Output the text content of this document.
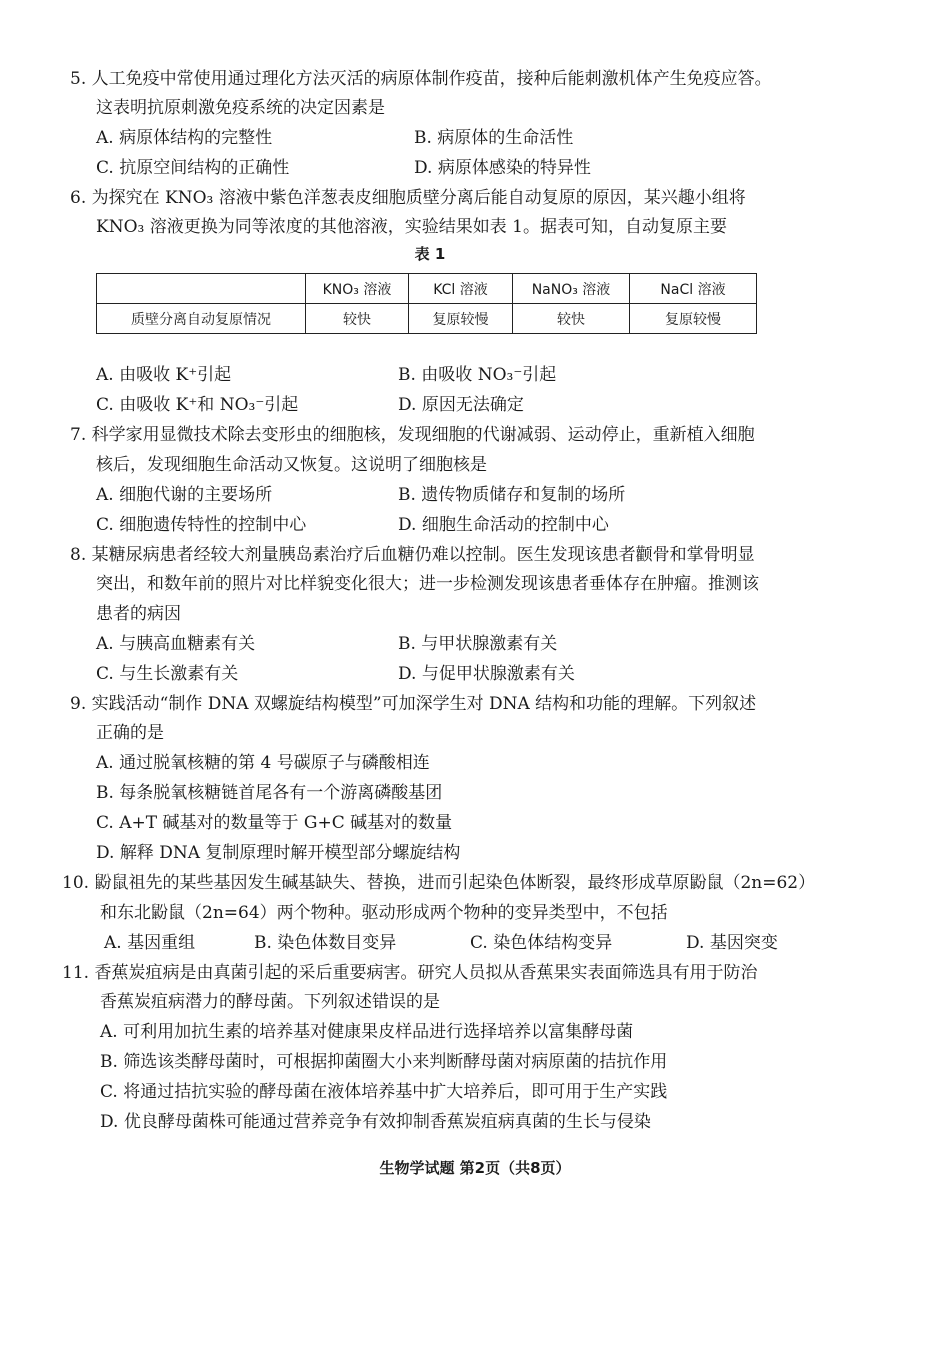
5. 人工免疫中常使用通过理化方法灭活的病原体制作疫苗，接种后能刺激机体产生免疫应答。
这表明抗原刺激免疫系统的决定因素是
A. 病原体结构的完整性	B. 病原体的生命活性
C. 抗原空间结构的正确性	D. 病原体感染的特异性
6. 为探究在 KNO₃ 溶液中紫色洋葱表皮细胞质壁分离后能自动复原的原因，某兴趣小组将
KNO₃ 溶液更换为同等浓度的其他溶液，实验结果如表 1。据表可知，自动复原主要
表 1
	KNO₃ 溶液	KCl 溶液	NaNO₃ 溶液	NaCl 溶液
质壁分离自动复原情况	较快	复原较慢	较快	复原较慢
A. 由吸收 K⁺引起	B. 由吸收 NO₃⁻引起
C. 由吸收 K⁺和 NO₃⁻引起	D. 原因无法确定
7. 科学家用显微技术除去变形虫的细胞核，发现细胞的代谢减弱、运动停止，重新植入细胞
核后，发现细胞生命活动又恢复。这说明了细胞核是
A. 细胞代谢的主要场所	B. 遗传物质储存和复制的场所
C. 细胞遗传特性的控制中心	D. 细胞生命活动的控制中心
8. 某糖尿病患者经较大剂量胰岛素治疗后血糖仍难以控制。医生发现该患者颧骨和掌骨明显
突出，和数年前的照片对比样貌变化很大；进一步检测发现该患者垂体存在肿瘤。推测该
患者的病因
A. 与胰高血糖素有关	B. 与甲状腺激素有关
C. 与生长激素有关	D. 与促甲状腺激素有关
9. 实践活动“制作 DNA 双螺旋结构模型”可加深学生对 DNA 结构和功能的理解。下列叙述
正确的是
A. 通过脱氧核糖的第 4 号碳原子与磷酸相连
B. 每条脱氧核糖链首尾各有一个游离磷酸基团
C. A+T 碱基对的数量等于 G+C 碱基对的数量
D. 解释 DNA 复制原理时解开模型部分螺旋结构
10. 鼢鼠祖先的某些基因发生碱基缺失、替换，进而引起染色体断裂，最终形成草原鼢鼠（2n=62）
和东北鼢鼠（2n=64）两个物种。驱动形成两个物种的变异类型中，不包括
A. 基因重组	B. 染色体数目变异	C. 染色体结构变异	D. 基因突变
11. 香蕉炭疽病是由真菌引起的采后重要病害。研究人员拟从香蕉果实表面筛选具有用于防治
香蕉炭疽病潜力的酵母菌。下列叙述错误的是
A. 可利用加抗生素的培养基对健康果皮样品进行选择培养以富集酵母菌
B. 筛选该类酵母菌时，可根据抑菌圈大小来判断酵母菌对病原菌的拮抗作用
C. 将通过拮抗实验的酵母菌在液体培养基中扩大培养后，即可用于生产实践
D. 优良酵母菌株可能通过营养竞争有效抑制香蕉炭疽病真菌的生长与侵染
生物学试题 第2页（共8页）
